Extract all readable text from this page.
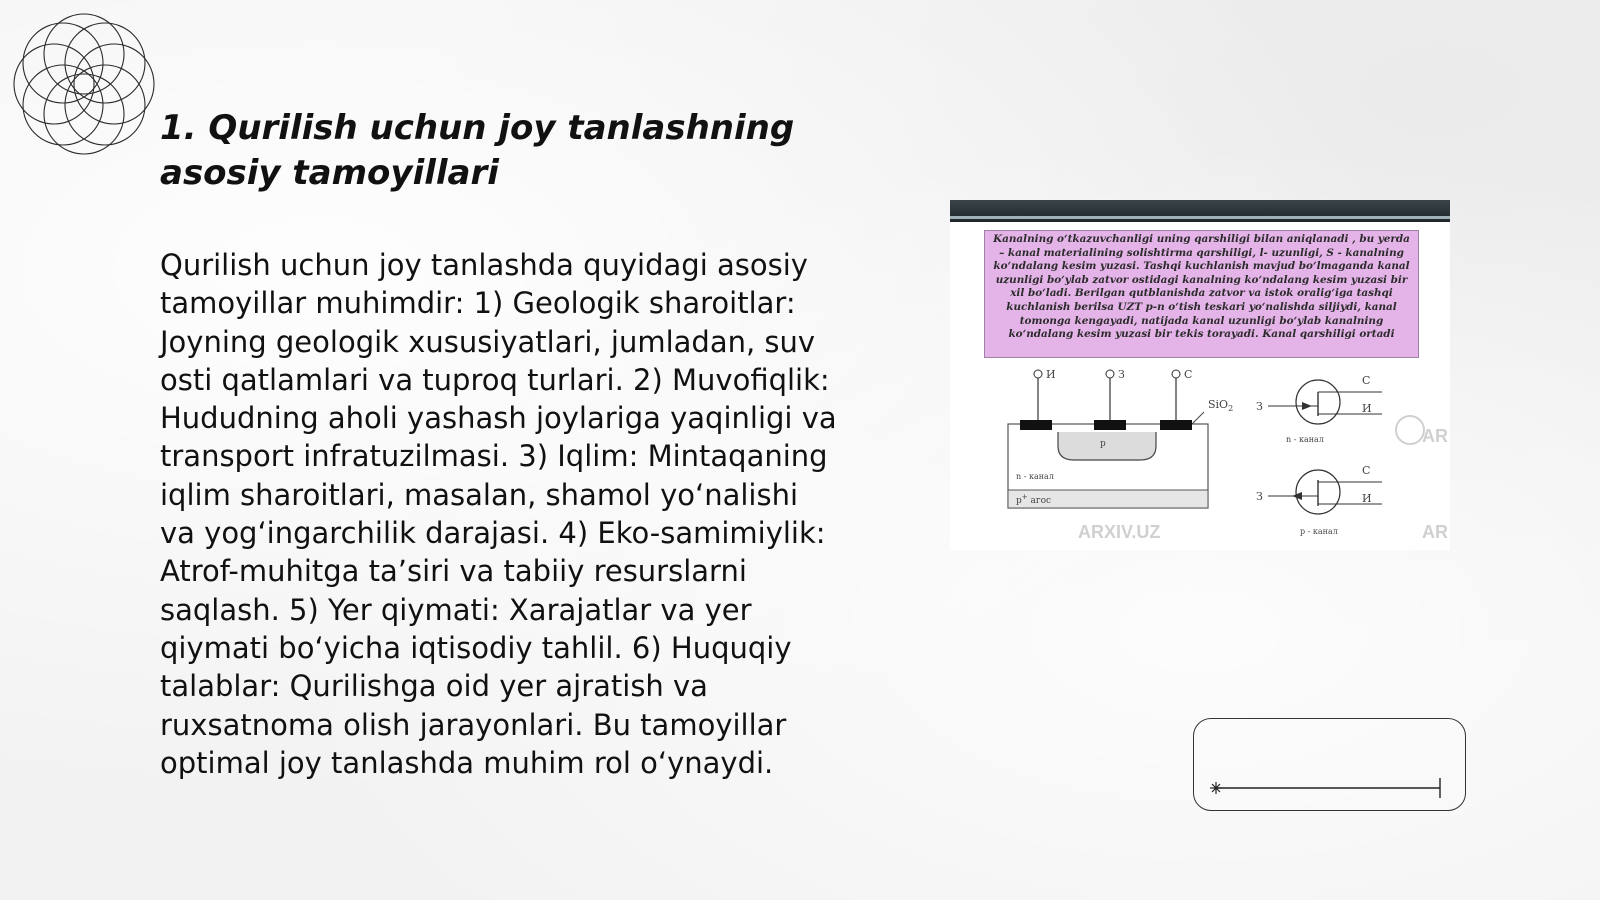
1. Qurilish uchun joy tanlashning asosiy tamoyillari
Qurilish uchun joy tanlashda quyidagi asosiy tamoyillar muhimdir: 1) Geologik sharoitlar: Joyning geologik xususiyatlari, jumladan, suv osti qatlamlari va tuproq turlari. 2) Muvofiqlik: Hududning aholi yashash joylariga yaqinligi va transport infratuzilmasi. 3) Iqlim: Mintaqaning iqlim sharoitlari, masalan, shamol yo‘nalishi va yog‘ingarchilik darajasi. 4) Eko-samimiylik: Atrof-muhitga ta’siri va tabiiy resurslarni saqlash. 5) Yer qiymati: Xarajatlar va yer qiymati bo‘yicha iqtisodiy tahlil. 6) Huquqiy talablar: Qurilishga oid yer ajratish va ruxsatnoma olish jarayonlari. Bu tamoyillar optimal joy tanlashda muhim rol o‘ynaydi.
Kanalning o‘tkazuvchanligi uning qarshiligi bilan aniqlanadi , bu yerda – kanal materialining solishtirma qarshiligi, l- uzunligi, S - kanalning ko‘ndalang kesim yuzasi. Tashqi kuchlanish mavjud bo‘lmaganda kanal uzunligi bo‘ylab zatvor ostidagi kanalning ko‘ndalang kesim yuzasi bir xil bo‘ladi. Berilgan qutblanishda zatvor va istok oralig‘iga tashqi kuchlanish berilsa UZT p-n o‘tish teskari yo‘nalishda siljiydi, kanal tomonga kengayadi, natijada kanal uzunligi bo‘ylab kanalning ko‘ndalang kesim yuzasi bir tekis torayadi. Kanal qarshiligi ortadi
ARXIV.UZ	AR
AR
И	З	С
SiO$_2$
p
n - канал
p+ агос
З
С
И
n - канал
З
С
И
p - канал
